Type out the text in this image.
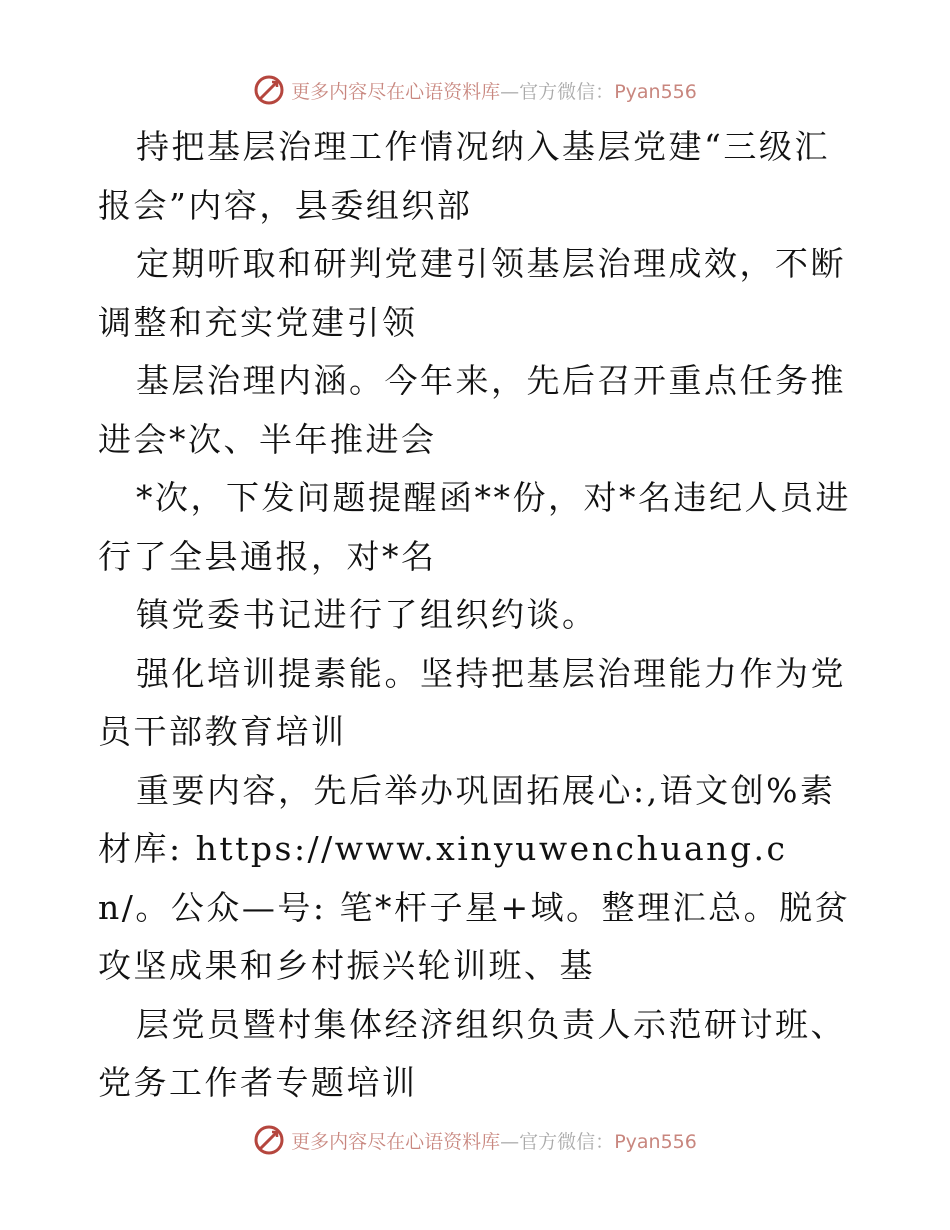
更多内容尽在心语资料库—官方微信：Pyan556

持把基层治理工作情况纳入基层党建“三级汇报会”内容，县委组织部

定期听取和研判党建引领基层治理成效，不断调整和充实党建引领

基层治理内涵。今年来，先后召开重点任务推进会*次、半年推进会

*次，下发问题提醒函**份，对*名违纪人员进行了全县通报，对*名

镇党委书记进行了组织约谈。

强化培训提素能。坚持把基层治理能力作为党员干部教育培训

重要内容，先后举办巩固拓展心:,语文创%素材库: https://www.xinyuwenchuang.cn/。公众—号: 笔*杆子星+域。整理汇总。脱贫攻坚成果和乡村振兴轮训班、基

层党员暨村集体经济组织负责人示范研讨班、党务工作者专题培训

更多内容尽在心语资料库—官方微信：Pyan556
